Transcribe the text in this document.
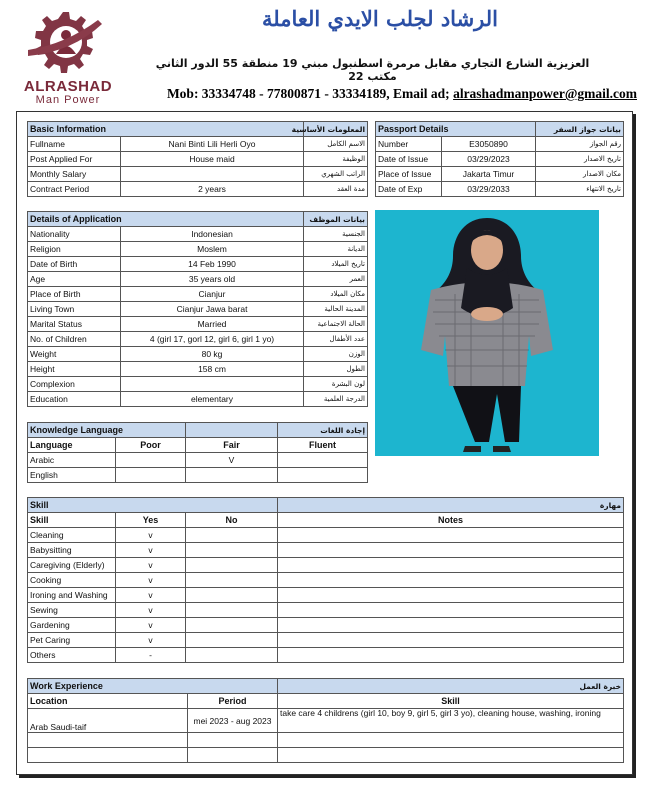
ALRASHAD
Man Power
الرشاد لجلب الايدي العاملة
العزيزية الشارع التجاري مقابل مرمرة اسطنبول مبني 19 منطقة 55 الدور الثاني مكتب 22
Mob: 33334748 - 77800871 - 33334189, Email ad; alrashadmanpower@gmail.com
Basic Information		المعلومات الأساسية
Fullname	Nani Binti Lili Herli Oyo	الاسم الكامل
Post Applied For	House maid	الوظيفة
Monthly Salary		الراتب الشهري
Contract Period	2 years	مدة العقد
Passport Details		بيانات جواز السفر
Number	E3050890	رقم الجواز
Date of Issue	03/29/2023	تاريخ الاصدار
Place of Issue	Jakarta Timur	مكان الاصدار
Date of Exp	03/29/2033	تاريخ الانتهاء
Details of Application		بيانات الموظف
Nationality	Indonesian	الجنسية
Religion	Moslem	الديانة
Date of Birth	14 Feb 1990	تاريخ الميلاد
Age	35 years old	العمر
Place of Birth	Cianjur	مكان الميلاد
Living Town	Cianjur Jawa barat	المدينة الحالية
Marital Status	Married	الحالة الاجتماعية
No. of Children	4 (girl 17, gorl 12, girl 6, girl 1 yo)	عدد الأطفال
Weight	80 kg	الوزن
Height	158 cm	الطول
Complexion		لون البشرة
Education	elementary	الدرجة العلمية
Knowledge Language			إجادة اللغات
Language	Poor	Fair	Fluent
Arabic		V	
English			
Skill			مهارة
Skill	Yes	No	Notes
Cleaning	v		
Babysitting	v		
Caregiving (Elderly)	v		
Cooking	v		
Ironing and Washing	v		
Sewing	v		
Gardening	v		
Pet Caring	v		
Others	-		
Work Experience		خبرة العمل
Location	Period	Skill
Arab Saudi-taif	mei 2023 - aug 2023	take care 4 childrens (girl 10, boy 9, girl 5, girl 3 yo), cleaning house, washing, ironing
